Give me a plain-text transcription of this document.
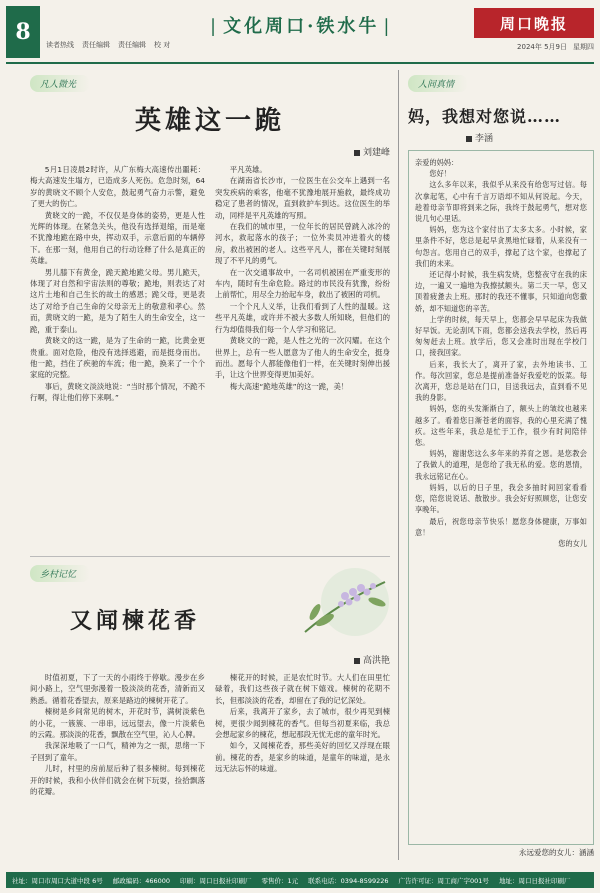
8	读者热线 责任编辑 责任编辑 校 对
| 文化周口·铁水牛 |	周口晚报
2024年 5月9日 星期四
凡人微光
英雄这一跪
刘建峰

5月1日凌晨2时许，从广东梅大高速传出噩耗：梅大高速发生塌方，已造成多人死伤。危急时刻，64岁的黄晓文不顾个人安危，鼓起勇气奋力示警，避免了更大的伤亡。

黄晓文的一跪，不仅仅是身体的姿势，更是人性光辉的体现。在紧急关头，他没有选择退缩，而是毫不犹豫地跪在路中央，挥动双手，示意后面的车辆停下。在那一刻，他用自己的行动诠释了什么是真正的英雄。

男儿膝下有黄金，跪天跪地跪父母。男儿跪天，体现了对自然和宇宙法则的尊敬；跪地，则表达了对这片土地和自己生长的故土的感恩；跪父母，更是表达了对给予自己生命的父母亲无上的敬意和孝心。然而，黄晓文的一跪，是为了陌生人的生命安全，这一跪，重于泰山。

黄晓文的这一跪，是为了生命的一跪，比黄金更贵重。面对危险，他没有选择逃避，而是挺身而出。他一跪，挡住了疾驰的车流；他一跪，换来了一个个家庭的完整。

事后，黄晓文淡淡地说：“当时那个情况，不跪不行啊，得让他们停下来啊。”

平凡英雄。

在湖南省长沙市，一位医生在公交车上遇到一名突发疾病的乘客，他毫不犹豫地展开施救，最终成功稳定了患者的情况，直到救护车到达。这位医生的举动，同样是平凡英雄的写照。

在我们的城市里，一位年长的居民曾跳入冰冷的河水，救起落水的孩子；一位外卖员冲进着火的楼房，救出被困的老人。这些平凡人，都在关键时刻展现了不平凡的勇气。

在一次交通事故中，一名司机被困在严重变形的车内，随时有生命危险。路过的市民没有犹豫，纷纷上前帮忙，用尽全力抬起车身，救出了被困的司机。

一个个凡人义举，让我们看到了人性的温暖。这些平凡英雄，或许并不被大多数人所知晓，但他们的行为却值得我们每一个人学习和铭记。

黄晓文的一跪，是人性之光的一次闪耀。在这个世界上，总有一些人愿意为了他人的生命安全，挺身而出。愿每个人都能像他们一样，在关键时刻伸出援手，让这个世界变得更加美好。

梅大高速“跪地英雄”的这一跪，美！

乡村记忆
又闻楝花香
高洪艳

时值初夏，下了一天的小雨终于停歇。漫步在乡间小路上，空气里弥漫着一股淡淡的花香，清新而又熟悉。循着花香望去，原来是路边的楝树开花了。

楝树是乡间常见的树木，开花时节，满树淡紫色的小花，一簇簇、一串串，远远望去，像一片淡紫色的云霞。那淡淡的花香，飘散在空气里，沁人心脾。

我深深地吸了一口气，精神为之一振，思绪一下子回到了童年。

儿时，村里的房前屋后种了很多楝树。每到楝花开的时候，我和小伙伴们就会在树下玩耍，捡拾飘落的花瓣。

楝花开的时候，正是农忙时节。大人们在田里忙碌着，我们这些孩子就在树下嬉戏。楝树的花期不长，但那淡淡的花香，却留在了我的记忆深处。

后来，我离开了家乡，去了城市，很少再见到楝树，更很少闻到楝花的香气。但每当初夏来临，我总会想起家乡的楝花，想起那段无忧无虑的童年时光。

如今，又闻楝花香，那些美好的回忆又浮现在眼前。楝花的香，是家乡的味道，是童年的味道，是永远无法忘怀的味道。

人间真情
妈，我想对您说……
李涵

亲爱的妈妈：

您好！

这么多年以来，我似乎从来没有给您写过信。每次拿起笔，心中有千言万语却不知从何说起。今天，趁着母亲节即将到来之际，我终于鼓起勇气，想对您说几句心里话。

妈妈，您为这个家付出了太多太多。小时候，家里条件不好，您总是起早贪黑地忙碌着，从来没有一句怨言。您用自己的双手，撑起了这个家，也撑起了我们的未来。

还记得小时候，我生病发烧，您整夜守在我的床边，一遍又一遍地为我擦拭额头。第二天一早，您又顶着疲惫去上班。那时的我还不懂事，只知道向您撒娇，却不知道您的辛苦。

上学的时候，每天早上，您都会早早起床为我做好早饭。无论刮风下雨，您都会送我去学校，然后再匆匆赶去上班。放学后，您又会准时出现在学校门口，接我回家。

后来，我长大了，离开了家，去外地读书、工作。每次回家，您总是提前准备好我爱吃的饭菜。每次离开，您总是站在门口，目送我远去，直到看不见我的身影。

妈妈，您的头发渐渐白了，额头上的皱纹也越来越多了。看着您日渐苍老的面容，我的心里充满了愧疚。这些年来，我总是忙于工作，很少有时间陪伴您。

妈妈，谢谢您这么多年来的养育之恩。是您教会了我做人的道理，是您给了我无私的爱。您的恩情，我永远铭记在心。

妈妈，以后的日子里，我会多抽时间回家看看您，陪您说说话、散散步。我会好好照顾您，让您安享晚年。

最后，祝您母亲节快乐！愿您身体健康，万事如意！

您的女儿

永远爱您的女儿：涵涵
社址：周口市周口大道中段 6号 邮政编码：466000 印刷：周口日报社印刷厂 零售价：1元 联系电话：0394-8599226 广告许可证：周工商广字001号 地址：周口日报社印刷厂
